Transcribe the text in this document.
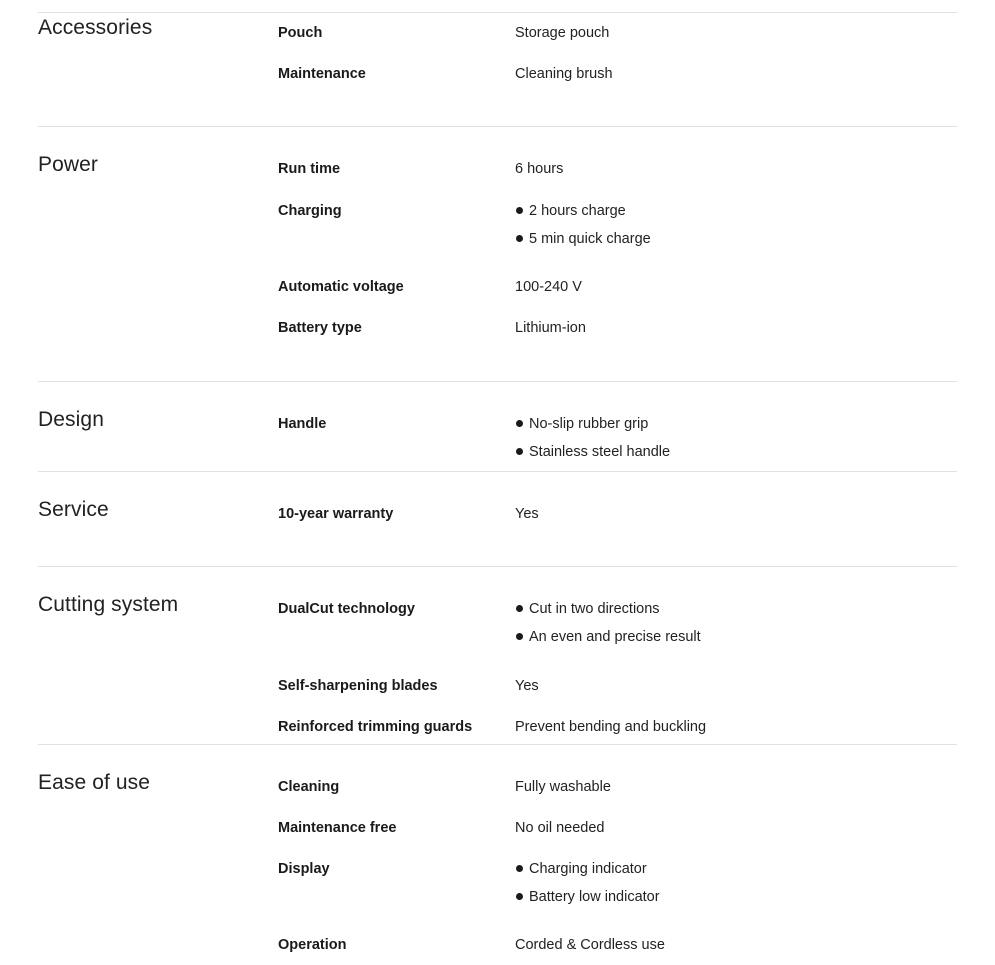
Accessories	Pouch	Storage pouch
Maintenance	Cleaning brush
Power	Run time	6 hours
Charging	2 hours charge
5 min quick charge
Automatic voltage	100-240 V
Battery type	Lithium-ion
Design	Handle	No-slip rubber grip
Stainless steel handle
Service	10-year warranty	Yes
Cutting system	DualCut technology	Cut in two directions
An even and precise result
Self-sharpening blades	Yes
Reinforced trimming guards	Prevent bending and buckling
Ease of use	Cleaning	Fully washable
Maintenance free	No oil needed
Display	Charging indicator
Battery low indicator
Operation	Corded & Cordless use
